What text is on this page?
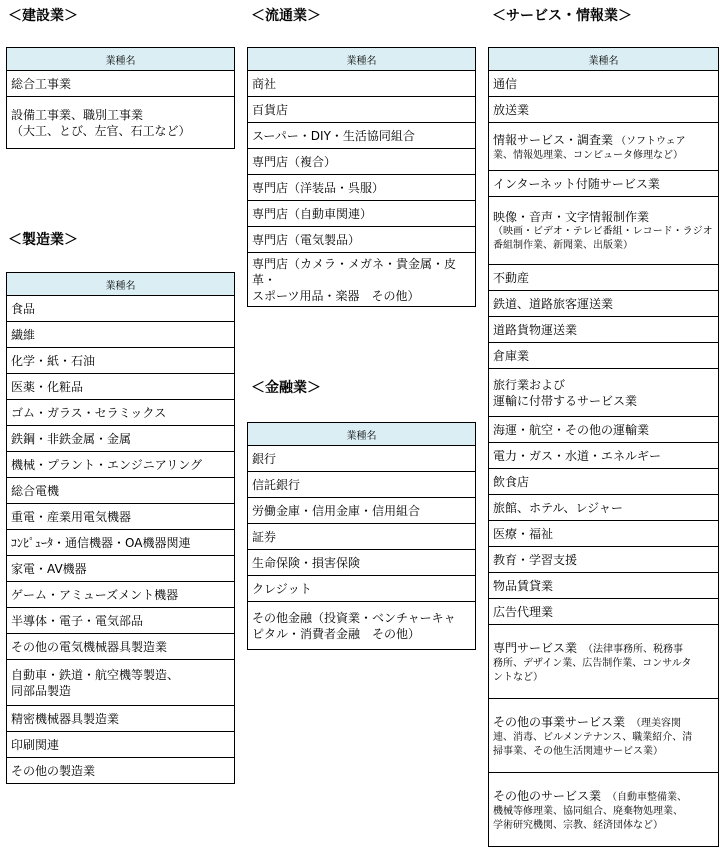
＜建設業＞
業種名
総合工事業

設備工事業、職別工事業
（大工、とび、左官、石工など）
＜製造業＞
業種名
食品
繊維
化学・紙・石油
医薬・化粧品
ゴム・ガラス・セラミックス
鉄鋼・非鉄金属・金属
機械・プラント・エンジニアリング
総合電機
重電・産業用電気機器
ｺﾝﾋﾟｭｰﾀ・通信機器・OA機器関連
家電・AV機器
ゲーム・アミューズメント機器
半導体・電子・電気部品
その他の電気機械器具製造業

自動車・鉄道・航空機等製造、
同部品製造

精密機械器具製造業
印刷関連
その他の製造業
＜流通業＞
業種名
商社
百貨店
スーパー・DIY・生活協同組合
専門店（複合）
専門店（洋装品・呉服）
専門店（自動車関連）
専門店（電気製品）

専門店（カメラ・メガネ・貴金属・皮革・
スポーツ用品・楽器　その他）
＜金融業＞
業種名
銀行
信託銀行
労働金庫・信用金庫・信用組合
証券
生命保険・損害保険
クレジット

その他金融（投資業・ベンチャーキャ
ピタル・消費者金融　その他）
＜サービス・情報業＞
業種名
通信
放送業

情報サービス・調査業 （ソフトウェア
業、情報処理業、コンピュータ修理など）

インターネット付随サービス業

映像・音声・文字情報制作業
（映画・ビデオ・テレビ番組・レコード・ラジオ
番組制作業、新聞業、出版業）

不動産
鉄道、道路旅客運送業
道路貨物運送業
倉庫業

旅行業および
運輸に付帯するサービス業

海運・航空・その他の運輸業
電力・ガス・水道・エネルギー
飲食店
旅館、ホテル、レジャー
医療・福祉
教育・学習支援
物品賃貸業
広告代理業

専門サービス業 （法律事務所、税務事
務所、デザイン業、広告制作業、コンサルタ
ントなど）

その他の事業サービス業 （理美容関
連、消毒、ビルメンテナンス、職業紹介、清
掃事業、その他生活関連サービス業）

その他のサービス業 （自動車整備業、
機械等修理業、協同組合、廃棄物処理業、
学術研究機関、宗教、経済団体など）
